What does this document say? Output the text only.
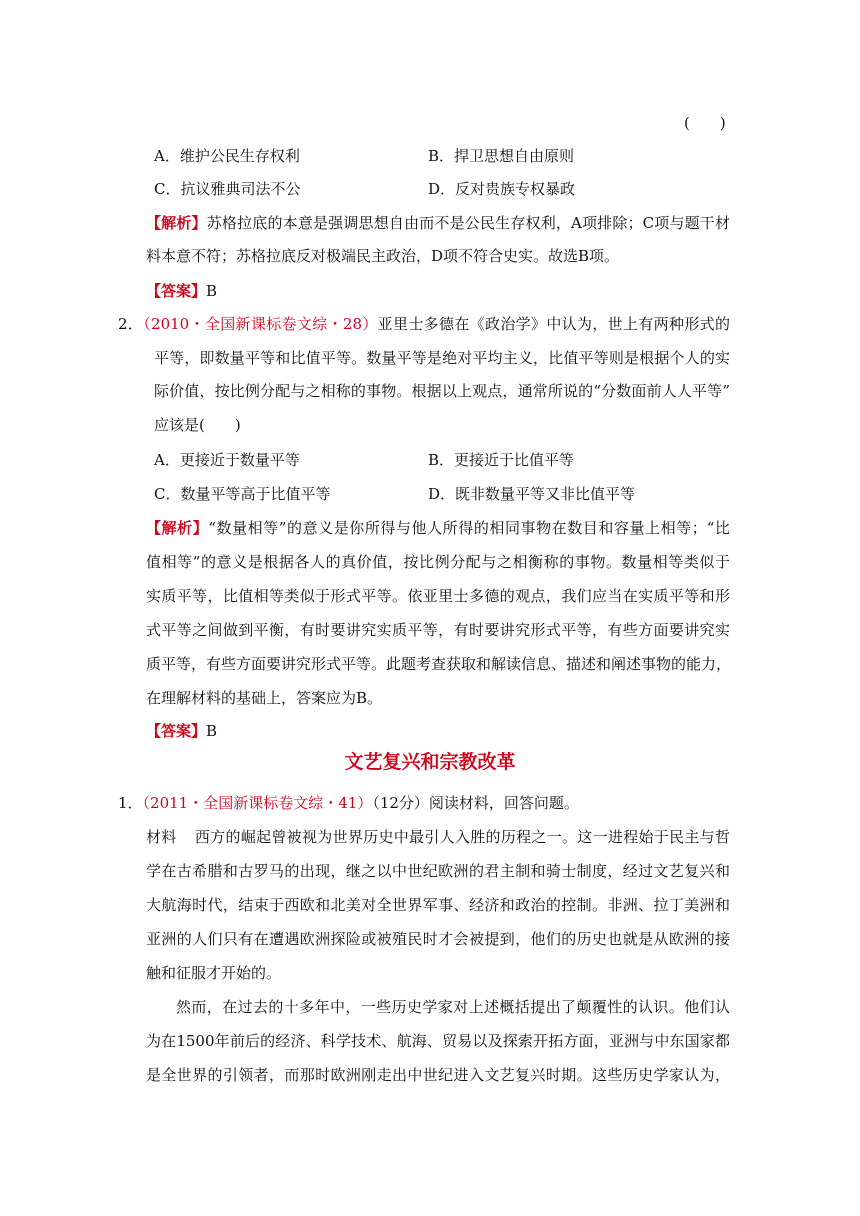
(　　)
A．维护公民生存权利	B．捍卫思想自由原则
C．抗议雅典司法不公	D．反对贵族专权暴政
【解析】苏格拉底的本意是强调思想自由而不是公民生存权利，A项排除；C项与题干材
料本意不符；苏格拉底反对极端民主政治，D项不符合史实。故选B项。
【答案】B
2．（2010・全国新课标卷文综・28）亚里士多德在《政治学》中认为，世上有两种形式的
平等，即数量平等和比值平等。数量平等是绝对平均主义，比值平等则是根据个人的实
际价值，按比例分配与之相称的事物。根据以上观点，通常所说的“分数面前人人平等”
应该是(　　)
A．更接近于数量平等	B．更接近于比值平等
C．数量平等高于比值平等	D．既非数量平等又非比值平等
【解析】“数量相等”的意义是你所得与他人所得的相同事物在数目和容量上相等；“比
值相等”的意义是根据各人的真价值，按比例分配与之相衡称的事物。数量相等类似于
实质平等，比值相等类似于形式平等。依亚里士多德的观点，我们应当在实质平等和形
式平等之间做到平衡，有时要讲究实质平等，有时要讲究形式平等，有些方面要讲究实
质平等，有些方面要讲究形式平等。此题考查获取和解读信息、描述和阐述事物的能力，
在理解材料的基础上，答案应为B。
【答案】B
文艺复兴和宗教改革
1．（2011・全国新课标卷文综・41）（12分）阅读材料，回答问题。
材料 西方的崛起曾被视为世界历史中最引人入胜的历程之一。这一进程始于民主与哲
学在古希腊和古罗马的出现，继之以中世纪欧洲的君主制和骑士制度，经过文艺复兴和
大航海时代，结束于西欧和北美对全世界军事、经济和政治的控制。非洲、拉丁美洲和
亚洲的人们只有在遭遇欧洲探险或被殖民时才会被提到，他们的历史也就是从欧洲的接
触和征服才开始的。
然而，在过去的十多年中，一些历史学家对上述概括提出了颠覆性的认识。他们认
为在1500年前后的经济、科学技术、航海、贸易以及探索开拓方面，亚洲与中东国家都
是全世界的引领者，而那时欧洲刚走出中世纪进入文艺复兴时期。这些历史学家认为，
